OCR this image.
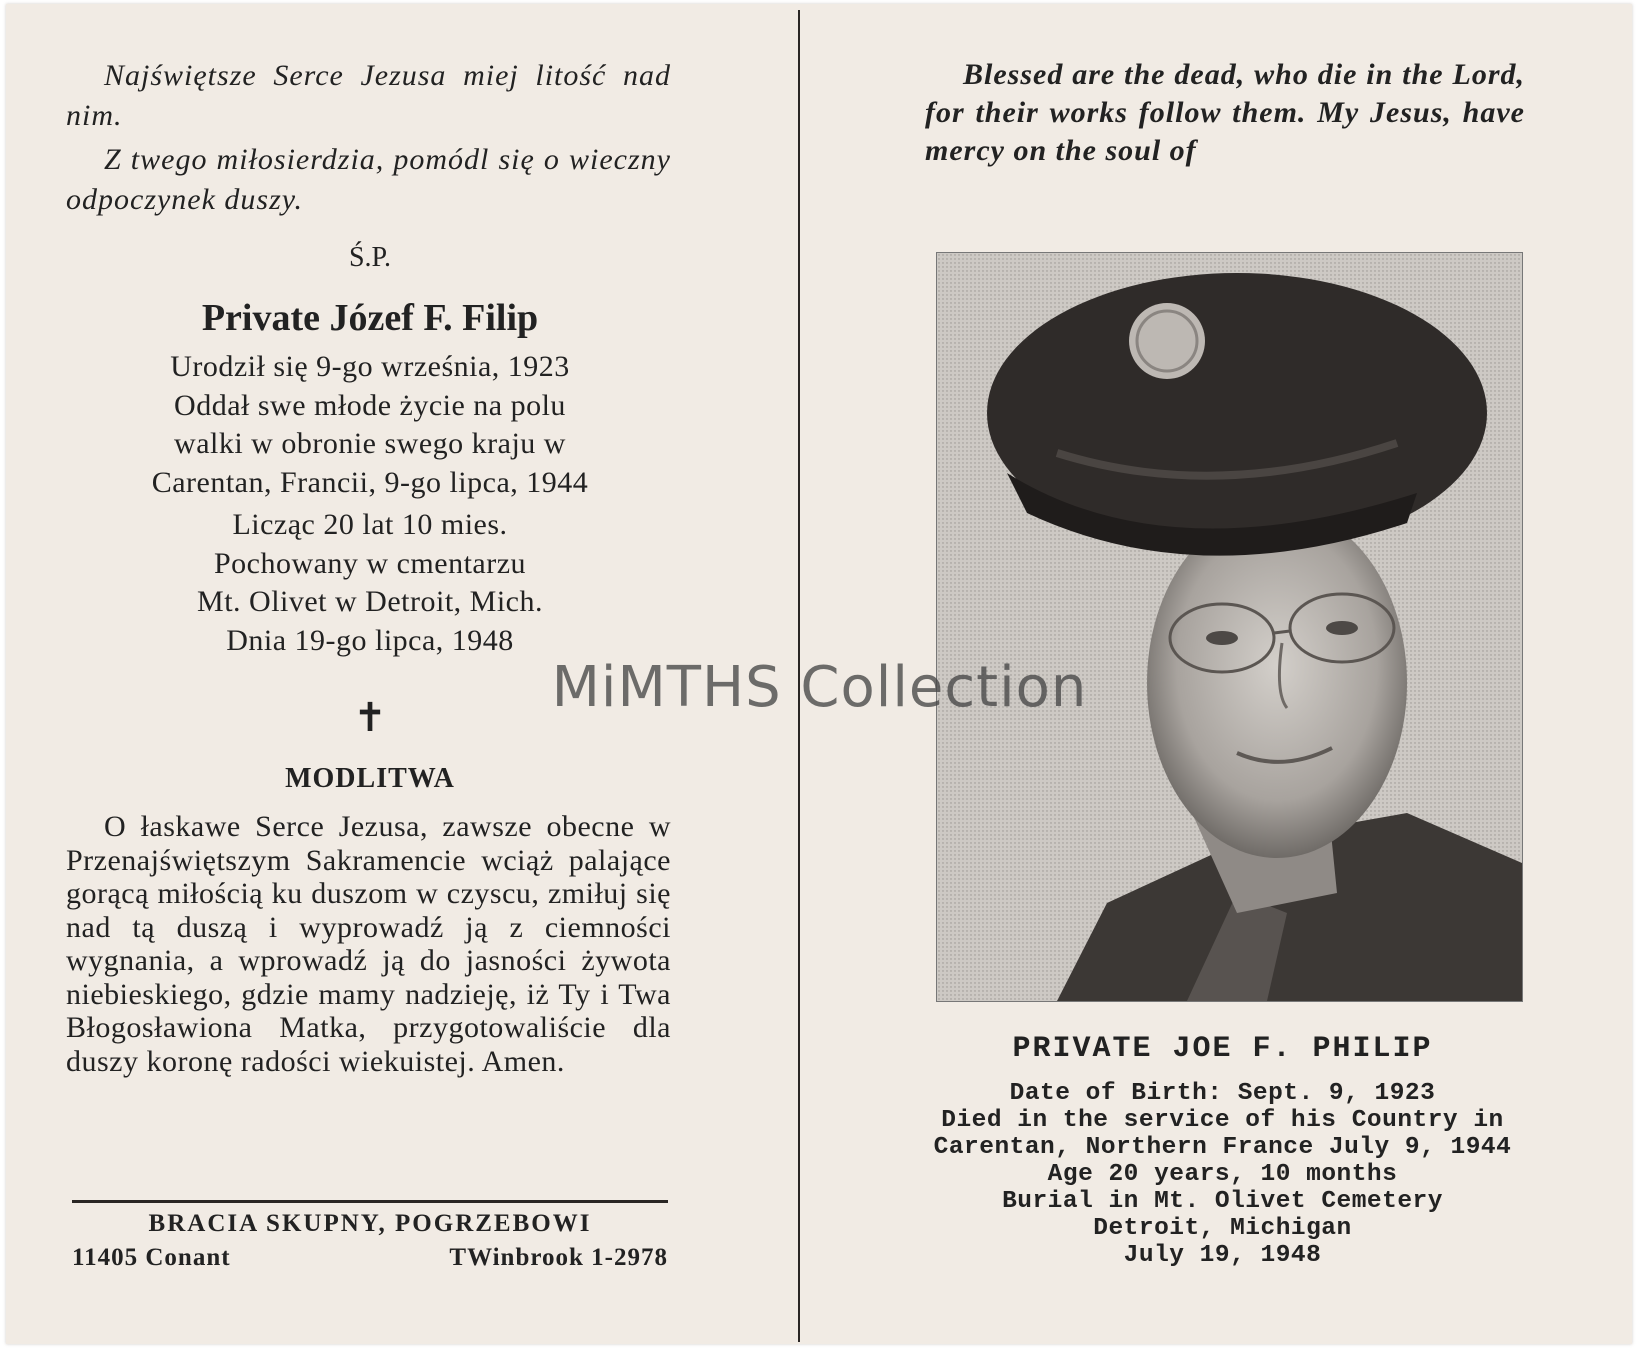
Najświętsze Serce Jezusa miej litość nad nim.

Z twego miłosierdzia, pomódl się o wieczny odpoczynek duszy.

Ś.P.
Private Józef F. Filip
Urodził się 9-go września, 1923
Oddał swe młode życie na polu
walki w obronie swego kraju w
Carentan, Francii, 9-go lipca, 1944
Licząc 20 lat 10 mies.
Pochowany w cmentarzu
Mt. Olivet w Detroit, Mich.
Dnia 19-go lipca, 1948
✝
MODLITWA

O łaskawe Serce Jezusa, zawsze obecne w Przenajświętszym Sakramencie wciąż palające gorącą miłością ku duszom w czyscu, zmiłuj się nad tą duszą i wyprowadź ją z ciemności wygnania, a wprowadź ją do jasności żywota niebieskiego, gdzie mamy nadzieję, iż Ty i Twa Błogosławiona Matka, przygotowaliście dla duszy koronę radości wiekuistej. Amen.

BRACIA SKUPNY, POGRZEBOWI
11405 Conant	TWinbrook 1-2978

Blessed are the dead, who die in the Lord, for their works follow them. My Jesus, have mercy on the soul of

PRIVATE JOE F. PHILIP
Date of Birth: Sept. 9, 1923
Died in the service of his Country in
Carentan, Northern France July 9, 1944
Age 20 years, 10 months
Burial in Mt. Olivet Cemetery
Detroit, Michigan
July 19, 1948
MiMTHS Collection
